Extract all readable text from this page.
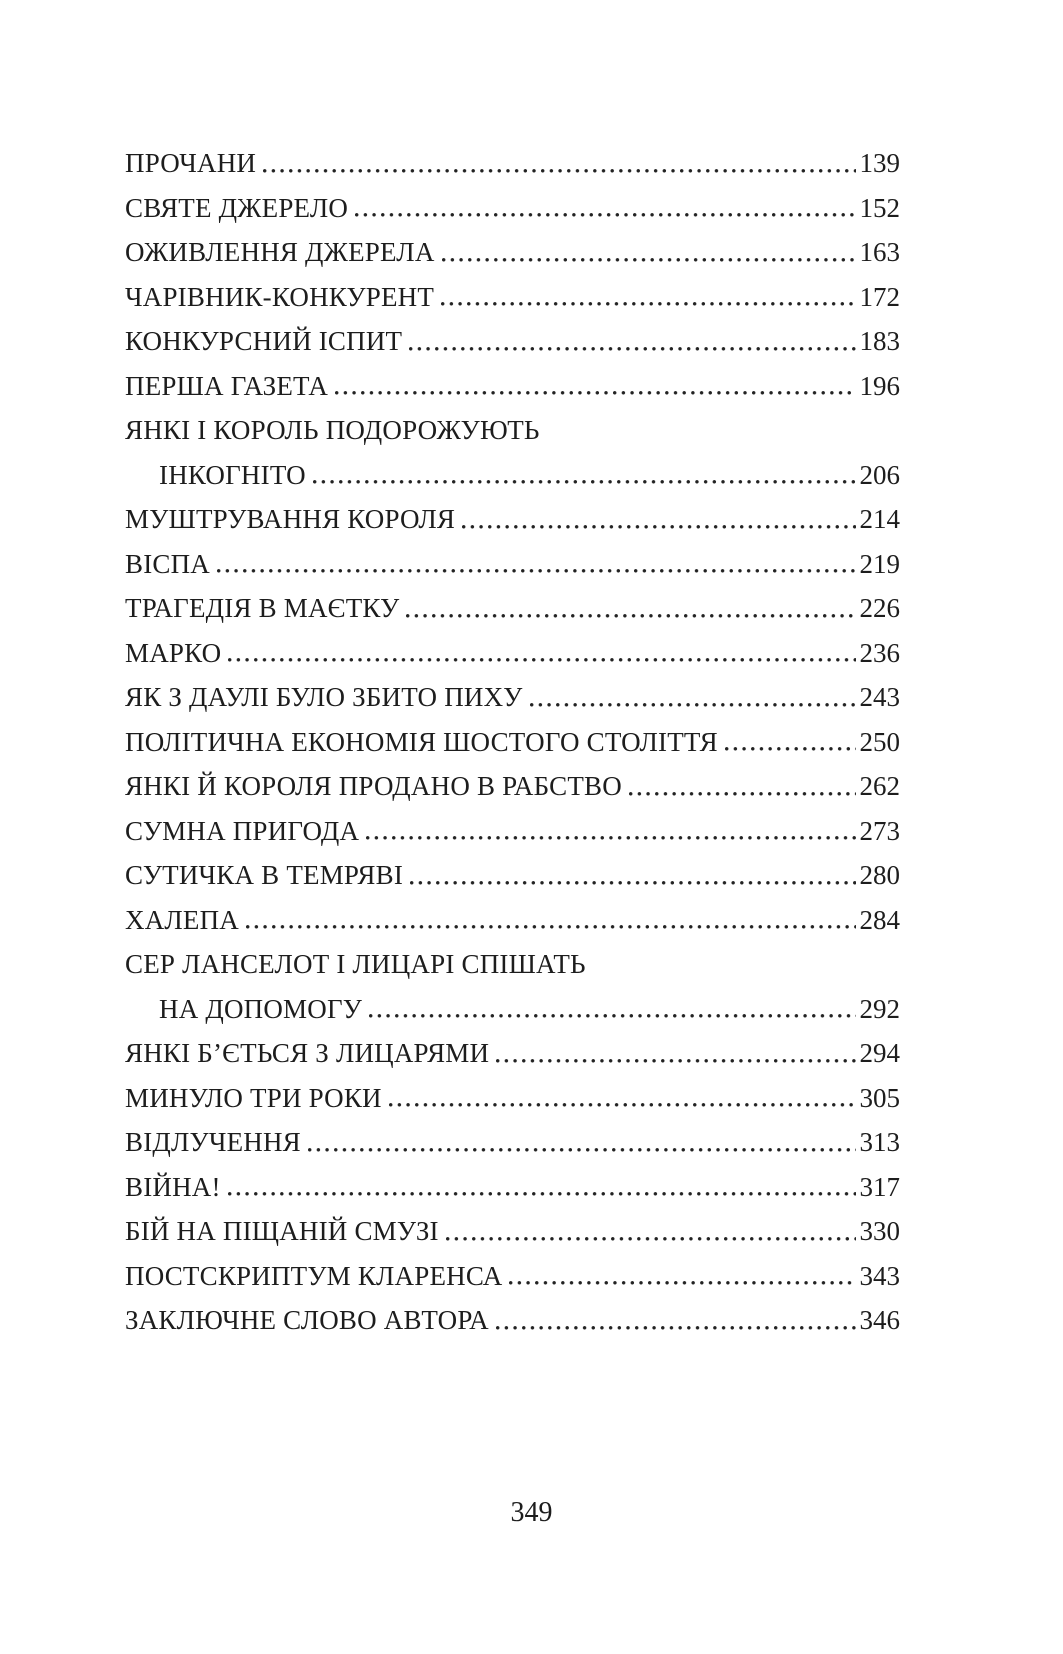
ПРОЧАНИ	139
СВЯТЕ ДЖЕРЕЛО	152
ОЖИВЛЕННЯ ДЖЕРЕЛА	163
ЧАРІВНИК-КОНКУРЕНТ	172
КОНКУРСНИЙ ІСПИТ	183
ПЕРША ГАЗЕТА	196
ЯНКІ І КОРОЛЬ ПОДОРОЖУЮТЬ
ІНКОГНІТО	206
МУШТРУВАННЯ КОРОЛЯ	214
ВІСПА	219
ТРАГЕДІЯ В МАЄТКУ	226
МАРКО	236
ЯК З ДАУЛІ БУЛО ЗБИТО ПИХУ	243
ПОЛІТИЧНА ЕКОНОМІЯ ШОСТОГО СТОЛІТТЯ	250
ЯНКІ Й КОРОЛЯ ПРОДАНО В РАБСТВО	262
СУМНА ПРИГОДА	273
СУТИЧКА В ТЕМРЯВІ	280
ХАЛЕПА	284
СЕР ЛАНСЕЛОТ І ЛИЦАРІ СПІШАТЬ
НА ДОПОМОГУ	292
ЯНКІ Б’ЄТЬСЯ З ЛИЦАРЯМИ	294
МИНУЛО ТРИ РОКИ	305
ВІДЛУЧЕННЯ	313
ВІЙНА!	317
БІЙ НА ПІЩАНІЙ СМУЗІ	330
ПОСТСКРИПТУМ КЛАРЕНСА	343
ЗАКЛЮЧНЕ СЛОВО АВТОРА	346
349
